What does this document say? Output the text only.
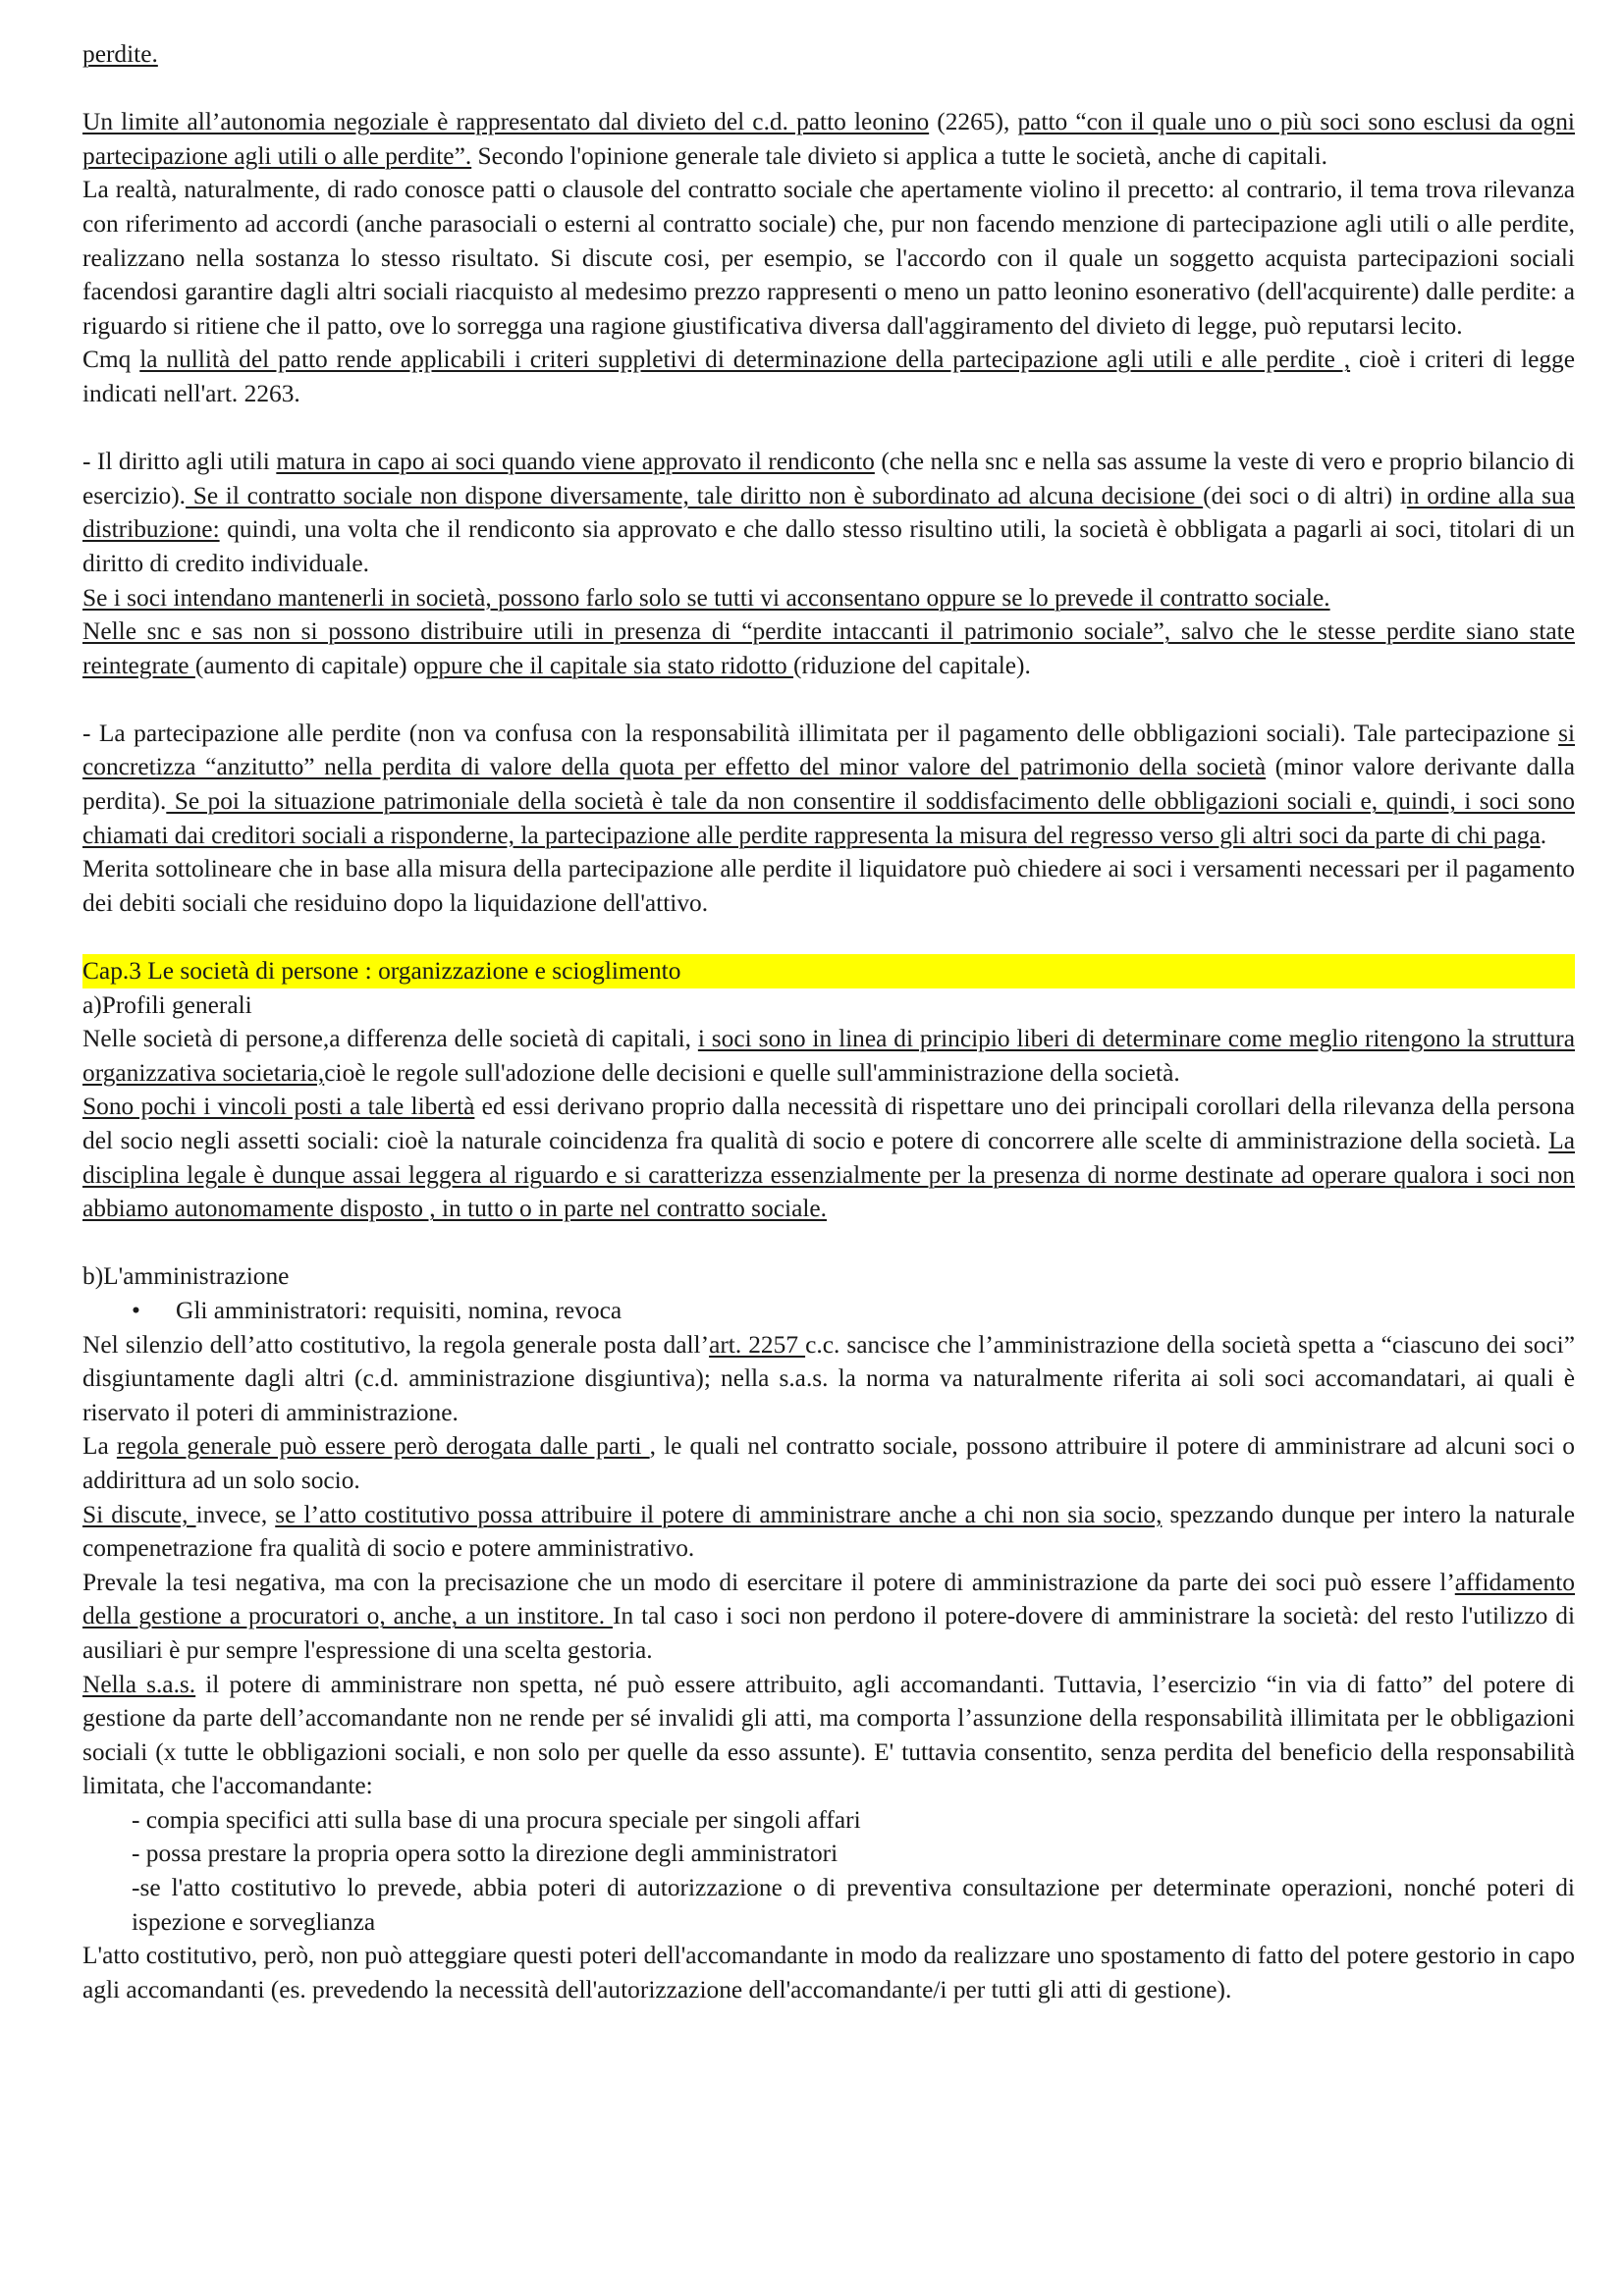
perdite.

Un limite all’autonomia negoziale è rappresentato dal divieto del c.d. patto leonino (2265), patto “con il quale uno o più soci sono esclusi da ogni partecipazione agli utili o alle perdite”. Secondo l'opinione generale tale divieto si applica a tutte le società, anche di capitali.

La realtà, naturalmente, di rado conosce patti o clausole del contratto sociale che apertamente violino il precetto: al contrario, il tema trova rilevanza con riferimento ad accordi (anche parasociali o esterni al contratto sociale) che, pur non facendo menzione di partecipazione agli utili o alle perdite, realizzano nella sostanza lo stesso risultato. Si discute cosi, per esempio, se l'accordo con il quale un soggetto acquista partecipazioni sociali facendosi garantire dagli altri sociali riacquisto al medesimo prezzo rappresenti o meno un patto leonino esonerativo (dell'acquirente) dalle perdite: a riguardo si ritiene che il patto, ove lo sorregga una ragione giustificativa diversa dall'aggiramento del divieto di legge, può reputarsi lecito.

Cmq la nullità del patto rende applicabili i criteri suppletivi di determinazione della partecipazione agli utili e alle perdite , cioè i criteri di legge indicati nell'art. 2263.

- Il diritto agli utili matura in capo ai soci quando viene approvato il rendiconto (che nella snc e nella sas assume la veste di vero e proprio bilancio di esercizio). Se il contratto sociale non dispone diversamente, tale diritto non è subordinato ad alcuna decisione (dei soci o di altri) in ordine alla sua distribuzione: quindi, una volta che il rendiconto sia approvato e che dallo stesso risultino utili, la società è obbligata a pagarli ai soci, titolari di un diritto di credito individuale.

Se i soci intendano mantenerli in società, possono farlo solo se tutti vi acconsentano oppure se lo prevede il contratto sociale.

Nelle snc e sas non si possono distribuire utili in presenza di “perdite intaccanti il patrimonio sociale”, salvo che le stesse perdite siano state reintegrate (aumento di capitale) oppure che il capitale sia stato ridotto (riduzione del capitale).

- La partecipazione alle perdite (non va confusa con la responsabilità illimitata per il pagamento delle obbligazioni sociali). Tale partecipazione si concretizza “anzitutto” nella perdita di valore della quota per effetto del minor valore del patrimonio della società (minor valore derivante dalla perdita). Se poi la situazione patrimoniale della società è tale da non consentire il soddisfacimento delle obbligazioni sociali e, quindi, i soci sono chiamati dai creditori sociali a risponderne, la partecipazione alle perdite rappresenta la misura del regresso verso gli altri soci da parte di chi paga.

Merita sottolineare che in base alla misura della partecipazione alle perdite il liquidatore può chiedere ai soci i versamenti necessari per il pagamento dei debiti sociali che residuino dopo la liquidazione dell'attivo.

Cap.3 Le società di persone : organizzazione e scioglimento

a)Profili generali

Nelle società di persone,a differenza delle società di capitali, i soci sono in linea di principio liberi di determinare come meglio ritengono la struttura organizzativa societaria,cioè le regole sull'adozione delle decisioni e quelle sull'amministrazione della società.

Sono pochi i vincoli posti a tale libertà ed essi derivano proprio dalla necessità di rispettare uno dei principali corollari della rilevanza della persona del socio negli assetti sociali: cioè la naturale coincidenza fra qualità di socio e potere di concorrere alle scelte di amministrazione della società. La disciplina legale è dunque assai leggera al riguardo e si caratterizza essenzialmente per la presenza di norme destinate ad operare qualora i soci non abbiamo autonomamente disposto , in tutto o in parte nel contratto sociale.

b)L'amministrazione

• Gli amministratori: requisiti, nomina, revoca

Nel silenzio dell’atto costitutivo, la regola generale posta dall’art. 2257 c.c. sancisce che l’amministrazione della società spetta a “ciascuno dei soci” disgiuntamente dagli altri (c.d. amministrazione disgiuntiva); nella s.a.s. la norma va naturalmente riferita ai soli soci accomandatari, ai quali è riservato il poteri di amministrazione.

La regola generale può essere però derogata dalle parti , le quali nel contratto sociale, possono attribuire il potere di amministrare ad alcuni soci o addirittura ad un solo socio.

Si discute, invece, se l’atto costitutivo possa attribuire il potere di amministrare anche a chi non sia socio, spezzando dunque per intero la naturale compenetrazione fra qualità di socio e potere amministrativo.

Prevale la tesi negativa, ma con la precisazione che un modo di esercitare il potere di amministrazione da parte dei soci può essere l’affidamento della gestione a procuratori o, anche, a un institore. In tal caso i soci non perdono il potere-dovere di amministrare la società: del resto l'utilizzo di ausiliari è pur sempre l'espressione di una scelta gestoria.

Nella s.a.s. il potere di amministrare non spetta, né può essere attribuito, agli accomandanti. Tuttavia, l’esercizio “in via di fatto” del potere di gestione da parte dell’accomandante non ne rende per sé invalidi gli atti, ma comporta l’assunzione della responsabilità illimitata per le obbligazioni sociali (x tutte le obbligazioni sociali, e non solo per quelle da esso assunte). E' tuttavia consentito, senza perdita del beneficio della responsabilità limitata, che l'accomandante:

- compia specifici atti sulla base di una procura speciale per singoli affari

- possa prestare la propria opera sotto la direzione degli amministratori

-se l'atto costitutivo lo prevede, abbia poteri di autorizzazione o di preventiva consultazione per determinate operazioni, nonché poteri di ispezione e sorveglianza

L'atto costitutivo, però, non può atteggiare questi poteri dell'accomandante in modo da realizzare uno spostamento di fatto del potere gestorio in capo agli accomandanti (es. prevedendo la necessità dell'autorizzazione dell'accomandante/i per tutti gli atti di gestione).
